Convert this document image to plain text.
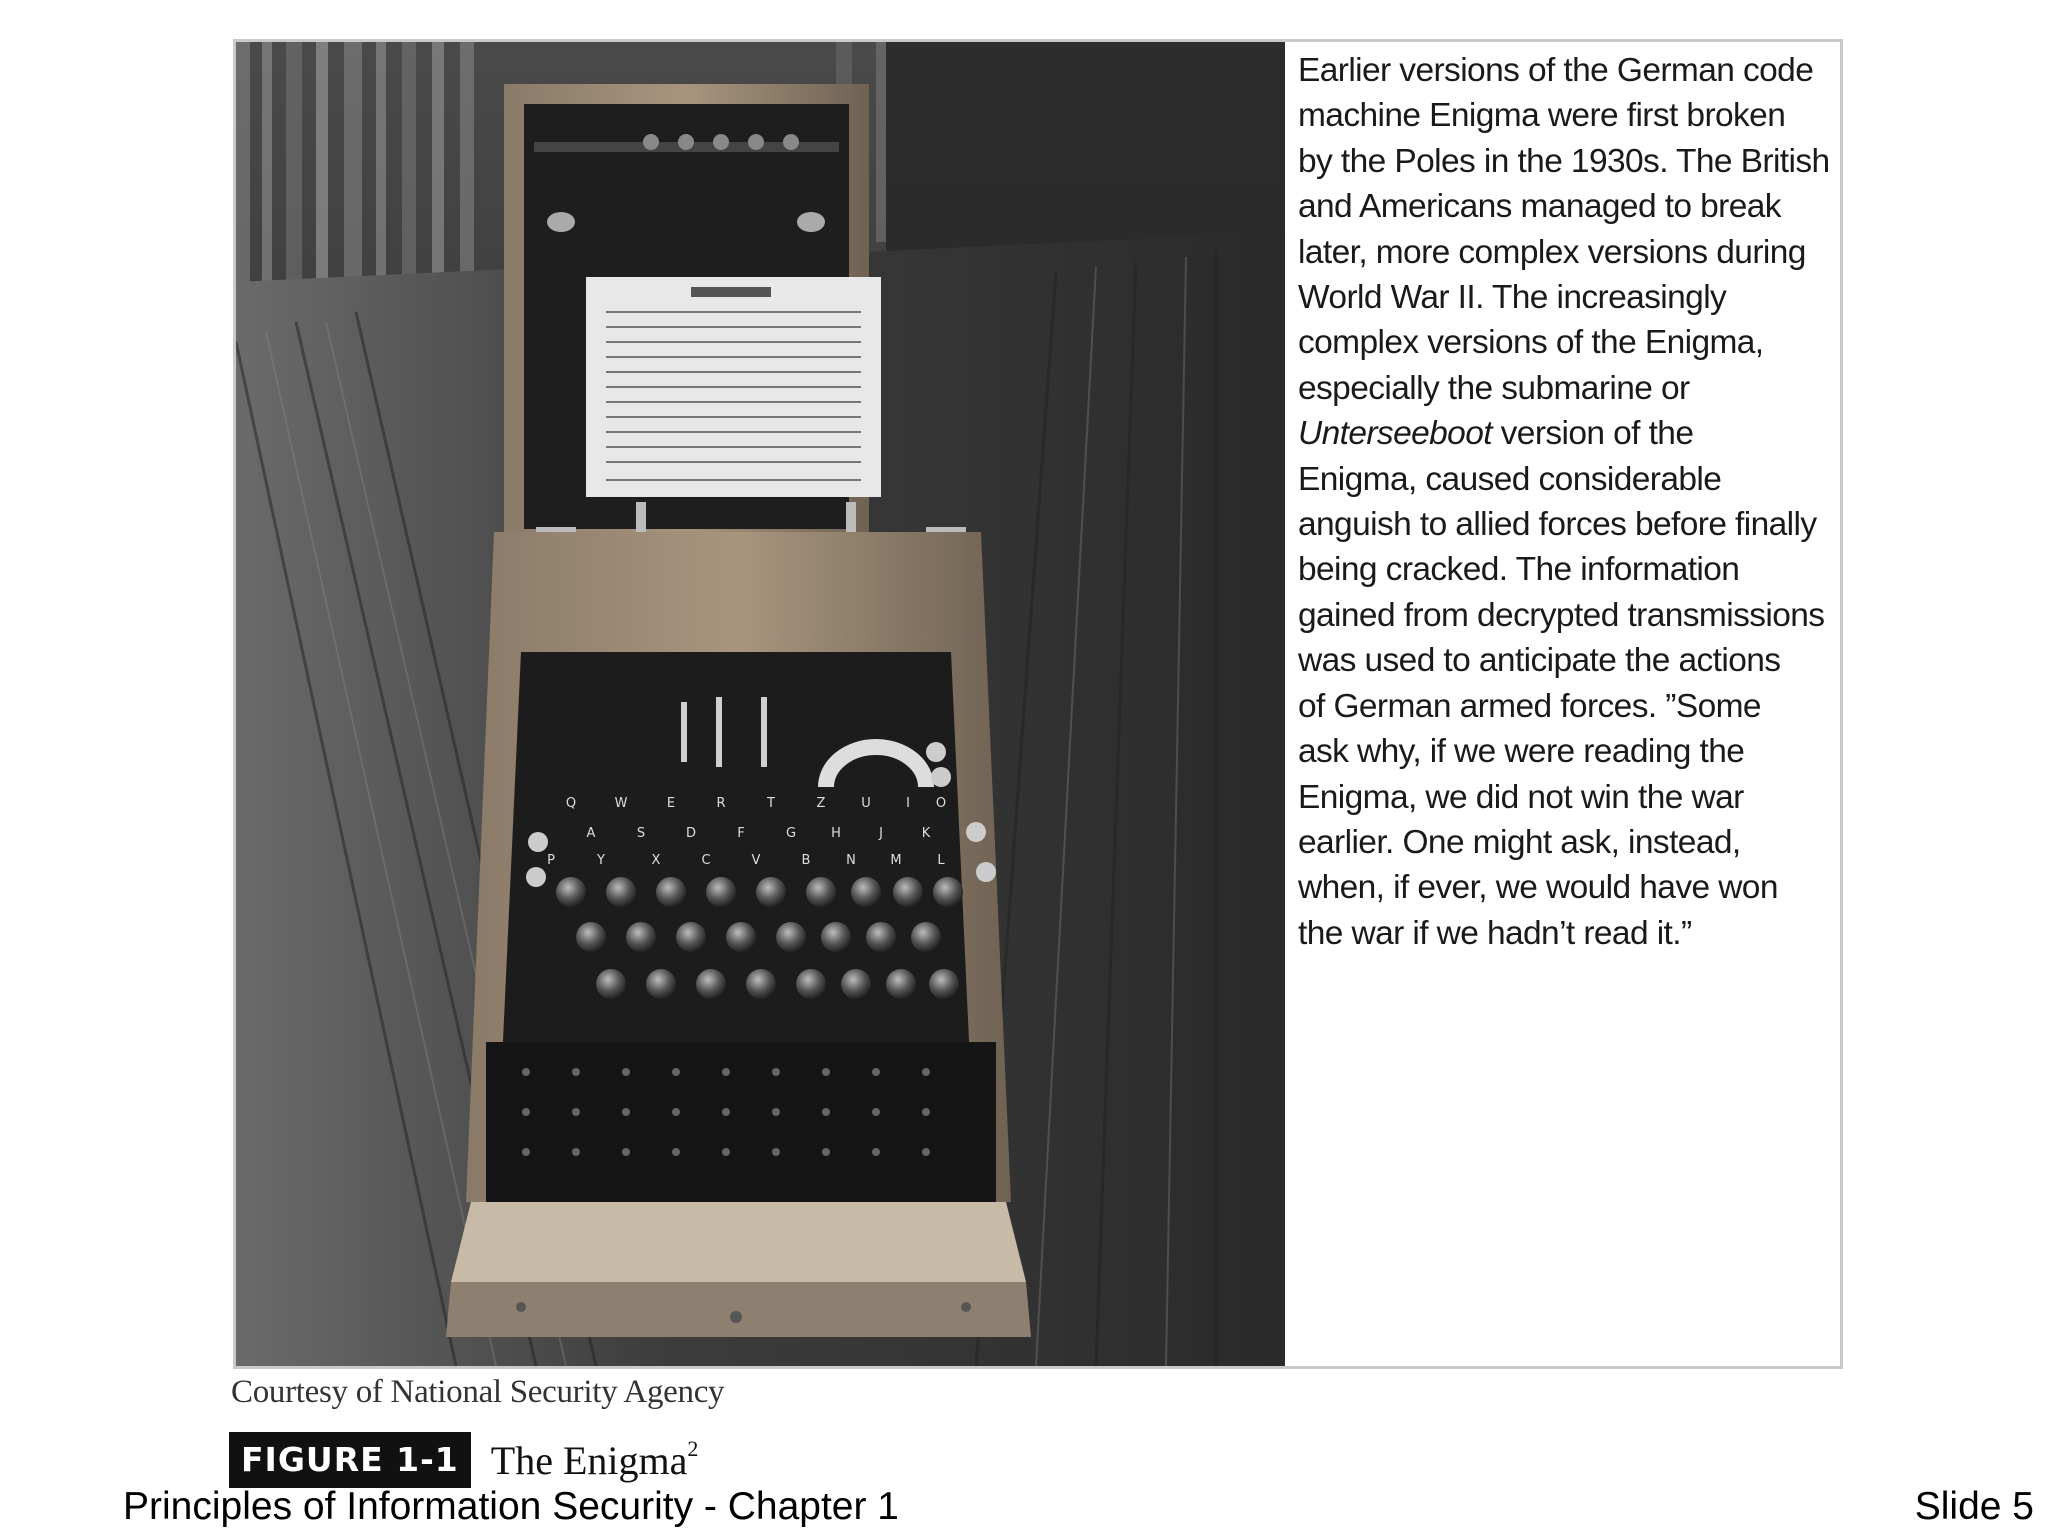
Q	W	E	R	T	Z	U	I O
A	S	D	F	G	H	J	K
P	Y	X	C	V	B	N	M	L
Earlier versions of the German code
machine Enigma were first broken
by the Poles in the 1930s. The British
and Americans managed to break
later, more complex versions during
World War II. The increasingly
complex versions of the Enigma,
especially the submarine or
Unterseeboot version of the
Enigma, caused considerable
anguish to allied forces before finally
being cracked. The information
gained from decrypted transmissions
was used to anticipate the actions
of German armed forces. ”Some
ask why, if we were reading the
Enigma, we did not win the war
earlier. One might ask, instead,
when, if ever, we would have won
the war if we hadn’t read it.”
Courtesy of National Security Agency
FIGURE 1-1 The Enigma$^2$
Principles of Information Security - Chapter 1	Slide 5
